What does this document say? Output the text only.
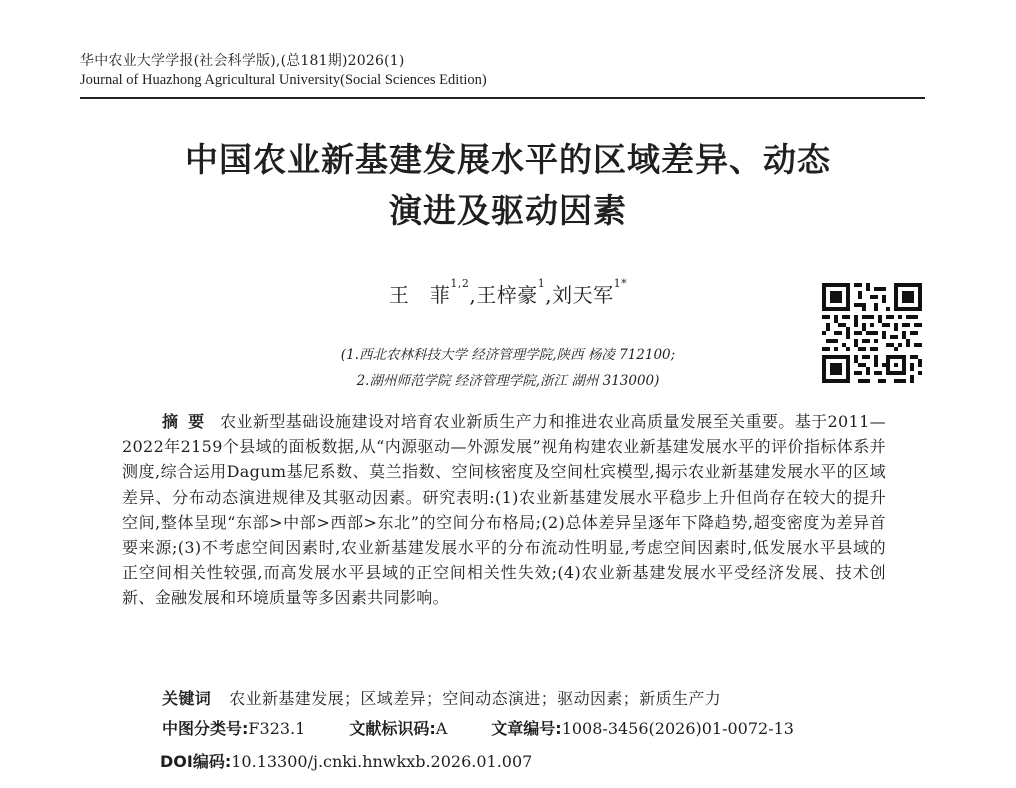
华中农业大学学报(社会科学版),(总181期)2026(1)
Journal of Huazhong Agricultural University(Social Sciences Edition)
中国农业新基建发展水平的区域差异、动态
演进及驱动因素
王　菲$^{1,2}$,王梓豪$^1$,刘天军$^{1*}$
(1.西北农林科技大学 经济管理学院,陕西 杨凌 712100;
2.湖州师范学院 经济管理学院,浙江 湖州 313000)
摘要 农业新型基础设施建设对培育农业新质生产力和推进农业高质量发展至关重要。基于2011—2022年2159个县域的面板数据,从“内源驱动—外源发展”视角构建农业新基建发展水平的评价指标体系并测度,综合运用Dagum基尼系数、莫兰指数、空间核密度及空间杜宾模型,揭示农业新基建发展水平的区域差异、分布动态演进规律及其驱动因素。研究表明:(1)农业新基建发展水平稳步上升但尚存在较大的提升空间,整体呈现“东部>中部>西部>东北”的空间分布格局;(2)总体差异呈逐年下降趋势,超变密度为差异首要来源;(3)不考虑空间因素时,农业新基建发展水平的分布流动性明显,考虑空间因素时,低发展水平县域的正空间相关性较强,而高发展水平县域的正空间相关性失效;(4)农业新基建发展水平受经济发展、技术创新、金融发展和环境质量等多因素共同影响。
关键词 农业新基建发展；区域差异；空间动态演进；驱动因素；新质生产力
中图分类号:F323.1	文献标识码:A	文章编号:1008-3456(2026)01-0072-13
DOI编码:10.13300/j.cnki.hnwkxb.2026.01.007
